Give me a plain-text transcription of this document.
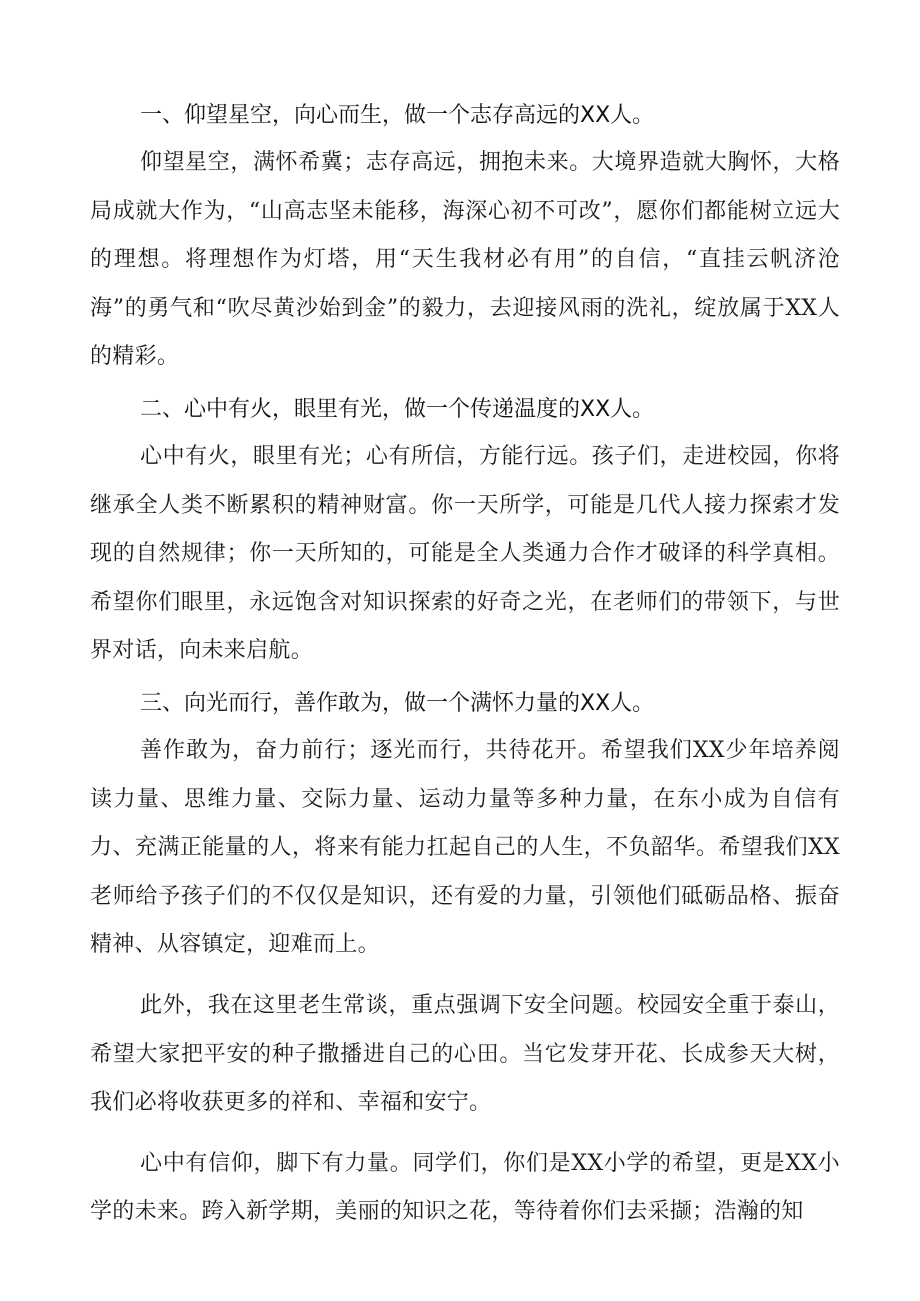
一、仰望星空，向心而生，做一个志存高远的XX人。

仰望星空，满怀希冀；志存高远，拥抱未来。大境界造就大胸怀，大格局成就大作为，“山高志坚未能移，海深心初不可改”，愿你们都能树立远大的理想。将理想作为灯塔，用“天生我材必有用”的自信，“直挂云帆济沧海”的勇气和“吹尽黄沙始到金”的毅力，去迎接风雨的洗礼，绽放属于XX人的精彩。

二、心中有火，眼里有光，做一个传递温度的XX人。

心中有火，眼里有光；心有所信，方能行远。孩子们，走进校园，你将继承全人类不断累积的精神财富。你一天所学，可能是几代人接力探索才发现的自然规律；你一天所知的，可能是全人类通力合作才破译的科学真相。希望你们眼里，永远饱含对知识探索的好奇之光，在老师们的带领下，与世界对话，向未来启航。

三、向光而行，善作敢为，做一个满怀力量的XX人。

善作敢为，奋力前行；逐光而行，共待花开。希望我们XX少年培养阅读力量、思维力量、交际力量、运动力量等多种力量，在东小成为自信有力、充满正能量的人，将来有能力扛起自己的人生，不负韶华。希望我们XX老师给予孩子们的不仅仅是知识，还有爱的力量，引领他们砥砺品格、振奋精神、从容镇定，迎难而上。

此外，我在这里老生常谈，重点强调下安全问题。校园安全重于泰山，希望大家把平安的种子撒播进自己的心田。当它发芽开花、长成参天大树，我们必将收获更多的祥和、幸福和安宁。

心中有信仰，脚下有力量。同学们，你们是XX小学的希望，更是XX小学的未来。跨入新学期，美丽的知识之花，等待着你们去采撷；浩瀚的知
